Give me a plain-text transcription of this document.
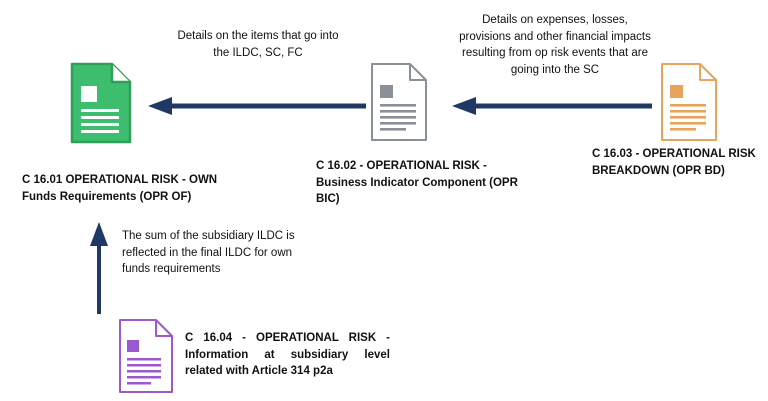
C 16.01 OPERATIONAL RISK - OWN Funds Requirements (OPR OF)
C 16.02 - OPERATIONAL RISK - Business Indicator Component (OPR BIC)
C 16.03 - OPERATIONAL RISK BREAKDOWN (OPR BD)
C 16.04 - OPERATIONAL RISK - Information at subsidiary level related with Article 314 p2a
Details on the items that go into the ILDC, SC, FC
Details on expenses, losses, provisions and other financial impacts resulting from op risk events that are going into the SC
The sum of the subsidiary ILDC is reflected in the final ILDC for own funds requirements
